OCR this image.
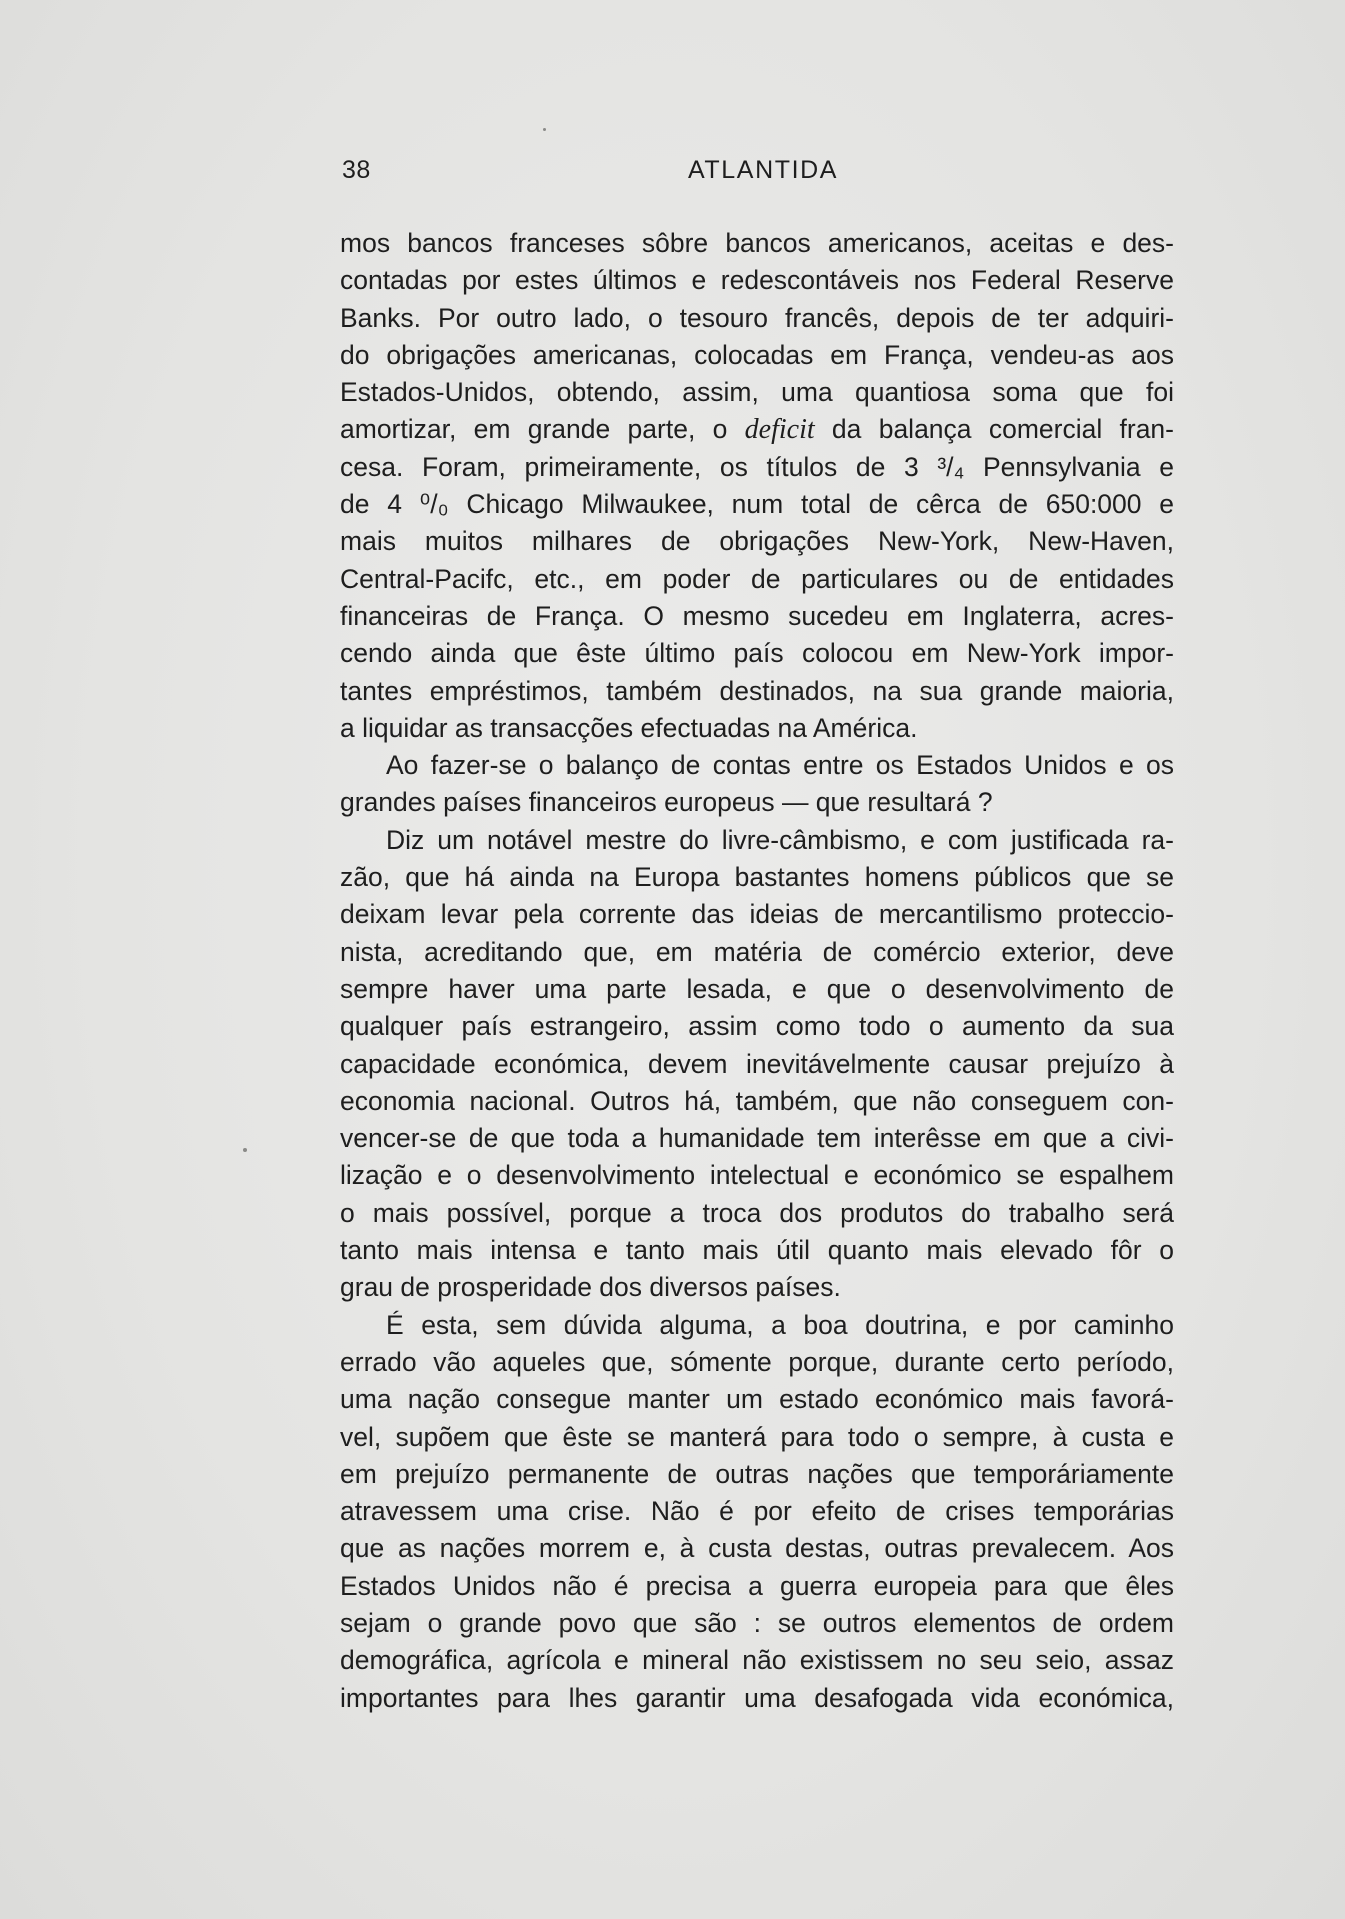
38	ATLANTIDA
mos bancos franceses sôbre bancos americanos, aceitas e des-
contadas por estes últimos e redescontáveis nos Federal Reserve
Banks. Por outro lado, o tesouro francês, depois de ter adquiri-
do obrigações americanas, colocadas em França, vendeu-as aos
Estados-Unidos, obtendo, assim, uma quantiosa soma que foi
amortizar, em grande parte, o deficit da balança comercial fran-
cesa. Foram, primeiramente, os títulos de 3 ³/₄ Pennsylvania e
de 4 ⁰/₀ Chicago Milwaukee, num total de cêrca de 650:000 e
mais muitos milhares de obrigações New-York, New-Haven,
Central-Pacifc, etc., em poder de particulares ou de entidades
financeiras de França. O mesmo sucedeu em Inglaterra, acres-
cendo ainda que êste último país colocou em New-York impor-
tantes empréstimos, também destinados, na sua grande maioria,
a liquidar as transacções efectuadas na América.
Ao fazer-se o balanço de contas entre os Estados Unidos e os
grandes países financeiros europeus — que resultará ?
Diz um notável mestre do livre-câmbismo, e com justificada ra-
zão, que há ainda na Europa bastantes homens públicos que se
deixam levar pela corrente das ideias de mercantilismo proteccio-
nista, acreditando que, em matéria de comércio exterior, deve
sempre haver uma parte lesada, e que o desenvolvimento de
qualquer país estrangeiro, assim como todo o aumento da sua
capacidade económica, devem inevitávelmente causar prejuízo à
economia nacional. Outros há, também, que não conseguem con-
vencer-se de que toda a humanidade tem interêsse em que a civi-
lização e o desenvolvimento intelectual e económico se espalhem
o mais possível, porque a troca dos produtos do trabalho será
tanto mais intensa e tanto mais útil quanto mais elevado fôr o
grau de prosperidade dos diversos países.
É esta, sem dúvida alguma, a boa doutrina, e por caminho
errado vão aqueles que, sómente porque, durante certo período,
uma nação consegue manter um estado económico mais favorá-
vel, supõem que êste se manterá para todo o sempre, à custa e
em prejuízo permanente de outras nações que temporáriamente
atravessem uma crise. Não é por efeito de crises temporárias
que as nações morrem e, à custa destas, outras prevalecem. Aos
Estados Unidos não é precisa a guerra europeia para que êles
sejam o grande povo que são : se outros elementos de ordem
demográfica, agrícola e mineral não existissem no seu seio, assaz
importantes para lhes garantir uma desafogada vida económica,
